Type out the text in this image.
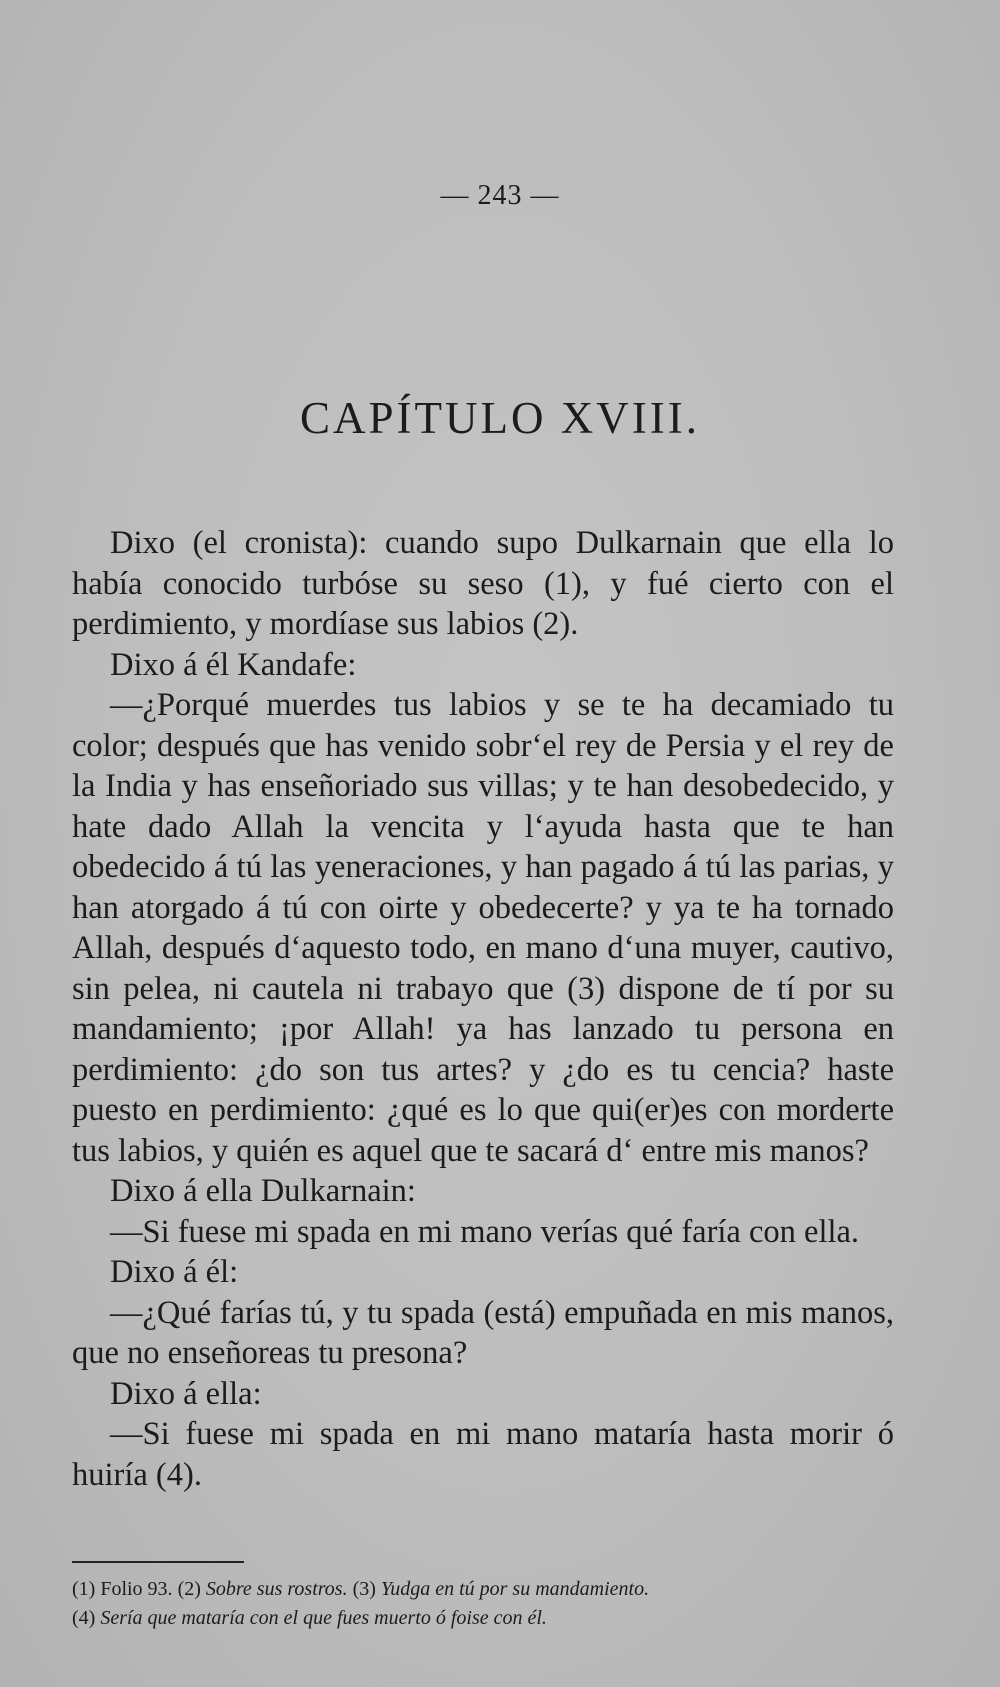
— 243 —
CAPÍTULO XVIII.

Dixo (el cronista): cuando supo Dulkarnain que ella lo había conocido turbóse su seso (1), y fué cierto con el perdimiento, y mordíase sus labios (2).

Dixo á él Kandafe:

—¿Porqué muerdes tus labios y se te ha decamiado tu color; después que has venido sobr‘el rey de Persia y el rey de la India y has enseñoriado sus villas; y te han desobedecido, y hate dado Allah la vencita y l‘ayuda hasta que te han obedecido á tú las yeneraciones, y han pagado á tú las parias, y han atorgado á tú con oirte y obedecerte? y ya te ha tornado Allah, después d‘aquesto todo, en mano d‘una muyer, cautivo, sin pelea, ni cautela ni trabayo que (3) dispone de tí por su mandamiento; ¡por Allah! ya has lanzado tu persona en perdimiento: ¿do son tus artes? y ¿do es tu cencia? haste puesto en perdimiento: ¿qué es lo que qui(er)es con morderte tus labios, y quién es aquel que te sacará d‘ entre mis manos?

Dixo á ella Dulkarnain:

—Si fuese mi spada en mi mano verías qué faría con ella.

Dixo á él:

—¿Qué farías tú, y tu spada (está) empuñada en mis manos, que no enseñoreas tu presona?

Dixo á ella:

—Si fuese mi spada en mi mano mataría hasta morir ó huiría (4).

(1) Folio 93. (2) Sobre sus rostros. (3) Yudga en tú por su mandamiento.
(4) Sería que mataría con el que fues muerto ó foise con él.
